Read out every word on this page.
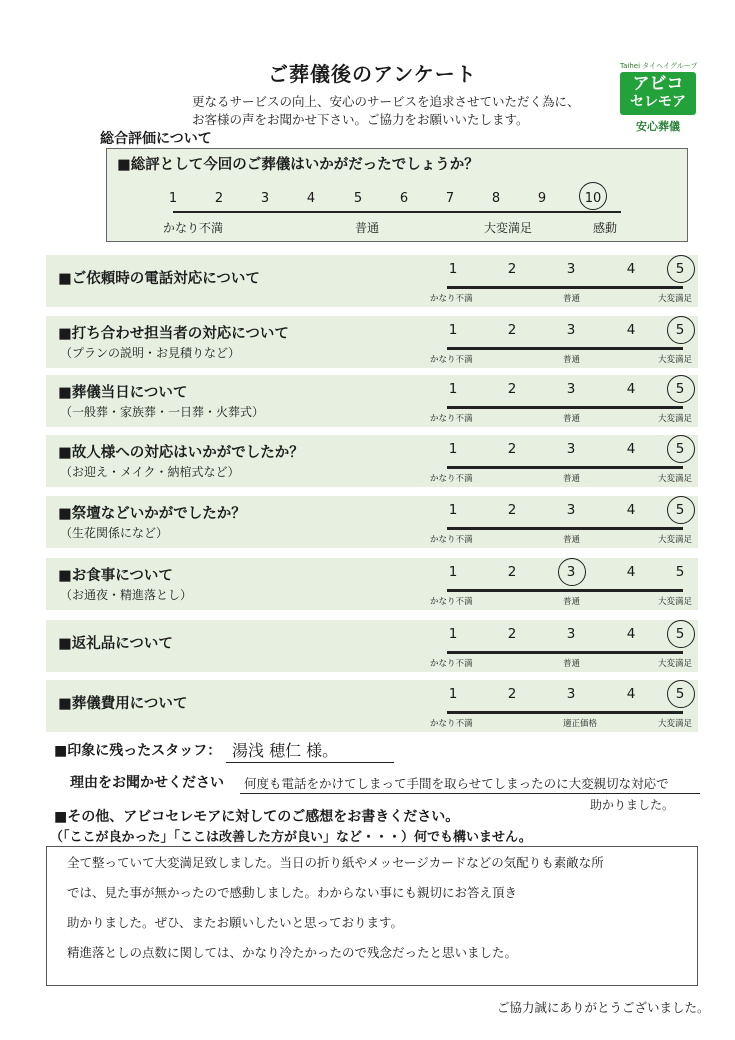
ご葬儀後のアンケート
更なるサービスの向上、安心のサービスを追求させていただく為に、
お客様の声をお聞かせ下さい。ご協力をお願いいたします。
Taihei タイヘイグループ
アビコ
セレモア
安心葬儀
総合評価について
■総評として今回のご葬儀はいかがだったでしょうか？
1	2	3	4	5	6	7	8	9	10
かなり不満	普通	大変満足	感動
■ご依頼時の電話対応について
1	2	3	4	5
かなり不満	普通	大変満足
■打ち合わせ担当者の対応について
（プランの説明・お見積りなど）
1	2	3	4	5
かなり不満	普通	大変満足
■葬儀当日について
（一般葬・家族葬・一日葬・火葬式）
1	2	3	4	5
かなり不満	普通	大変満足
■故人様への対応はいかがでしたか？
（お迎え・メイク・納棺式など）
1	2	3	4	5
かなり不満	普通	大変満足
■祭壇などいかがでしたか？
（生花関係になど）
1	2	3	4	5
かなり不満	普通	大変満足
■お食事について
（お通夜・精進落とし）
1	2	3	4	5
かなり不満	普通	大変満足
■返礼品について
1	2	3	4	5
かなり不満	普通	大変満足
■葬儀費用について
1	2	3	4	5
かなり不満	適正価格	大変満足
■印象に残ったスタッフ： 湯浅 穂仁 様。
理由をお聞かせください 何度も電話をかけてしまって手間を取らせてしまったのに大変親切な対応で
助かりました。
■その他、アビコセレモアに対してのご感想をお書きください。
（「ここが良かった」「ここは改善した方が良い」など・・・）何でも構いません。
全て整っていて大変満足致しました。当日の折り紙やメッセージカードなどの気配りも素敵な所
では、見た事が無かったので感動しました。わからない事にも親切にお答え頂き
助かりました。ぜひ、またお願いしたいと思っております。
精進落としの点数に関しては、かなり冷たかったので残念だったと思いました。
ご協力誠にありがとうございました。
